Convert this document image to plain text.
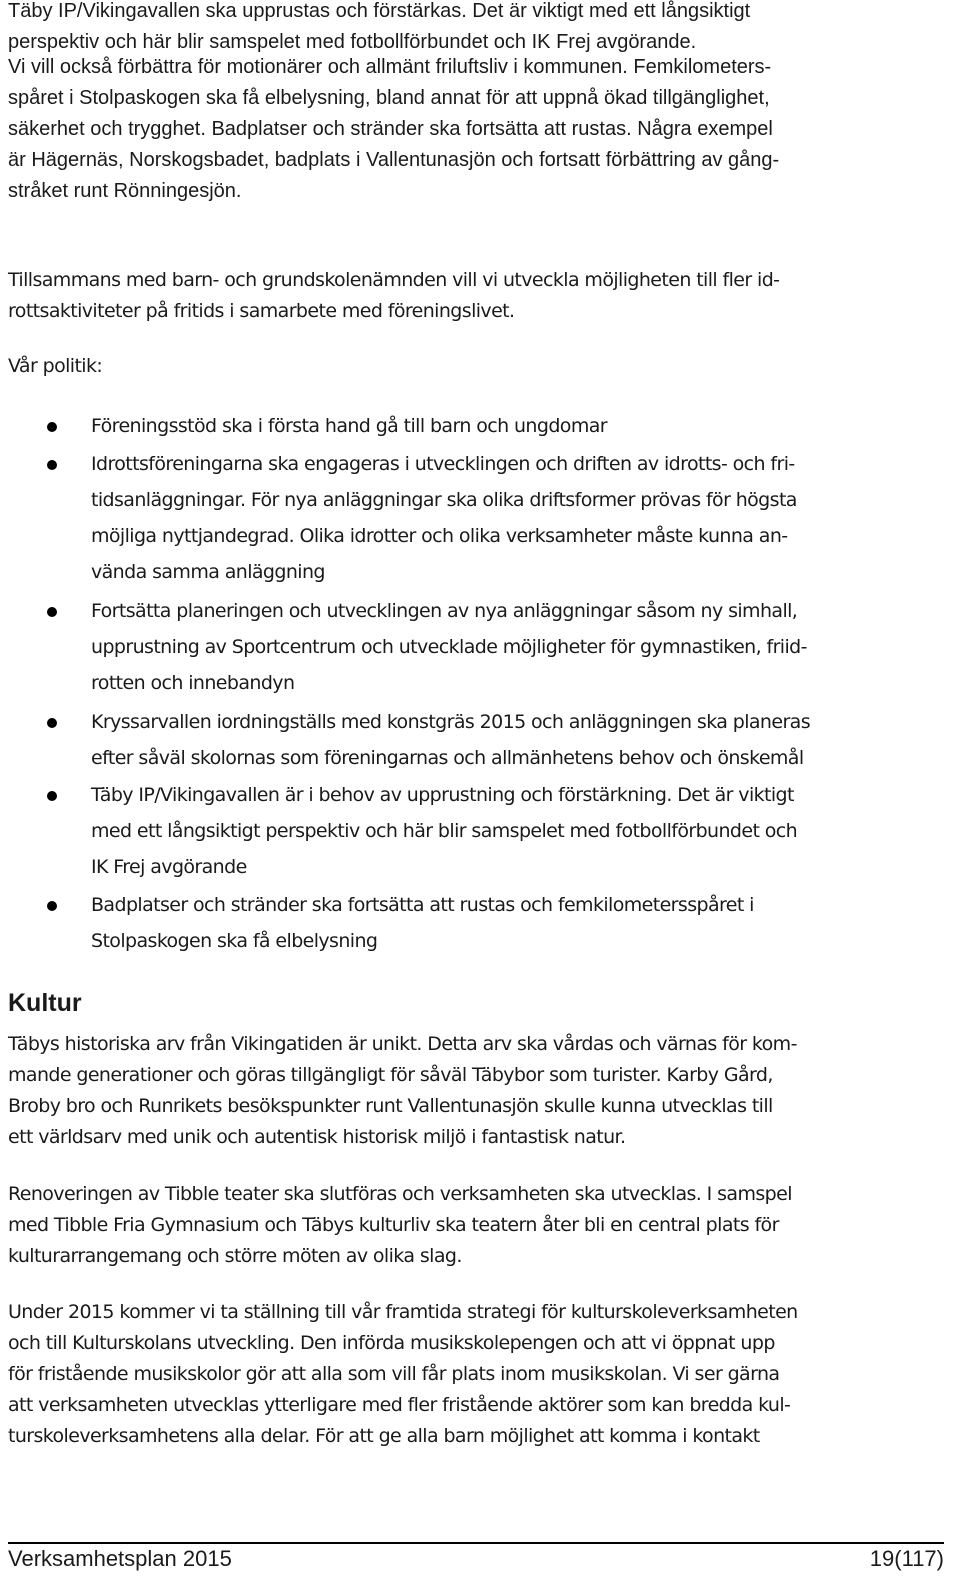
Täby IP/Vikingavallen ska upprustas och förstärkas. Det är viktigt med ett långsiktigt
perspektiv och här blir samspelet med fotbollförbundet och IK Frej avgörande.
Vi vill också förbättra för motionärer och allmänt friluftsliv i kommunen. Femkilometers-
spåret i Stolpaskogen ska få elbelysning, bland annat för att uppnå ökad tillgänglighet,
säkerhet och trygghet. Badplatser och stränder ska fortsätta att rustas. Några exempel
är Hägernäs, Norskogsbadet, badplats i Vallentunasjön och fortsatt förbättring av gång-
stråket runt Rönningesjön.
Tillsammans med barn- och grundskolenämnden vill vi utveckla möjligheten till fler id-
rottsaktiviteter på fritids i samarbete med föreningslivet.
Vår politik:
Föreningsstöd ska i första hand gå till barn och ungdomar
Idrottsföreningarna ska engageras i utvecklingen och driften av idrotts- och fri-
tidsanläggningar. För nya anläggningar ska olika driftsformer prövas för högsta
möjliga nyttjandegrad. Olika idrotter och olika verksamheter måste kunna an-
vända samma anläggning
Fortsätta planeringen och utvecklingen av nya anläggningar såsom ny simhall,
upprustning av Sportcentrum och utvecklade möjligheter för gymnastiken, friid-
rotten och innebandyn
Kryssarvallen iordningställs med konstgräs 2015 och anläggningen ska planeras
efter såväl skolornas som föreningarnas och allmänhetens behov och önskemål
Täby IP/Vikingavallen är i behov av upprustning och förstärkning. Det är viktigt
med ett långsiktigt perspektiv och här blir samspelet med fotbollförbundet och
IK Frej avgörande
Badplatser och stränder ska fortsätta att rustas och femkilometersspåret i
Stolpaskogen ska få elbelysning
Kultur
Täbys historiska arv från Vikingatiden är unikt. Detta arv ska vårdas och värnas för kom-
mande generationer och göras tillgängligt för såväl Täbybor som turister. Karby Gård,
Broby bro och Runrikets besökspunkter runt Vallentunasjön skulle kunna utvecklas till
ett världsarv med unik och autentisk historisk miljö i fantastisk natur.
Renoveringen av Tibble teater ska slutföras och verksamheten ska utvecklas. I samspel
med Tibble Fria Gymnasium och Täbys kulturliv ska teatern åter bli en central plats för
kulturarrangemang och större möten av olika slag.
Under 2015 kommer vi ta ställning till vår framtida strategi för kulturskoleverksamheten
och till Kulturskolans utveckling. Den införda musikskolepengen och att vi öppnat upp
för fristående musikskolor gör att alla som vill får plats inom musikskolan. Vi ser gärna
att verksamheten utvecklas ytterligare med fler fristående aktörer som kan bredda kul-
turskoleverksamhetens alla delar. För att ge alla barn möjlighet att komma i kontakt
Verksamhetsplan 2015	19(117)
